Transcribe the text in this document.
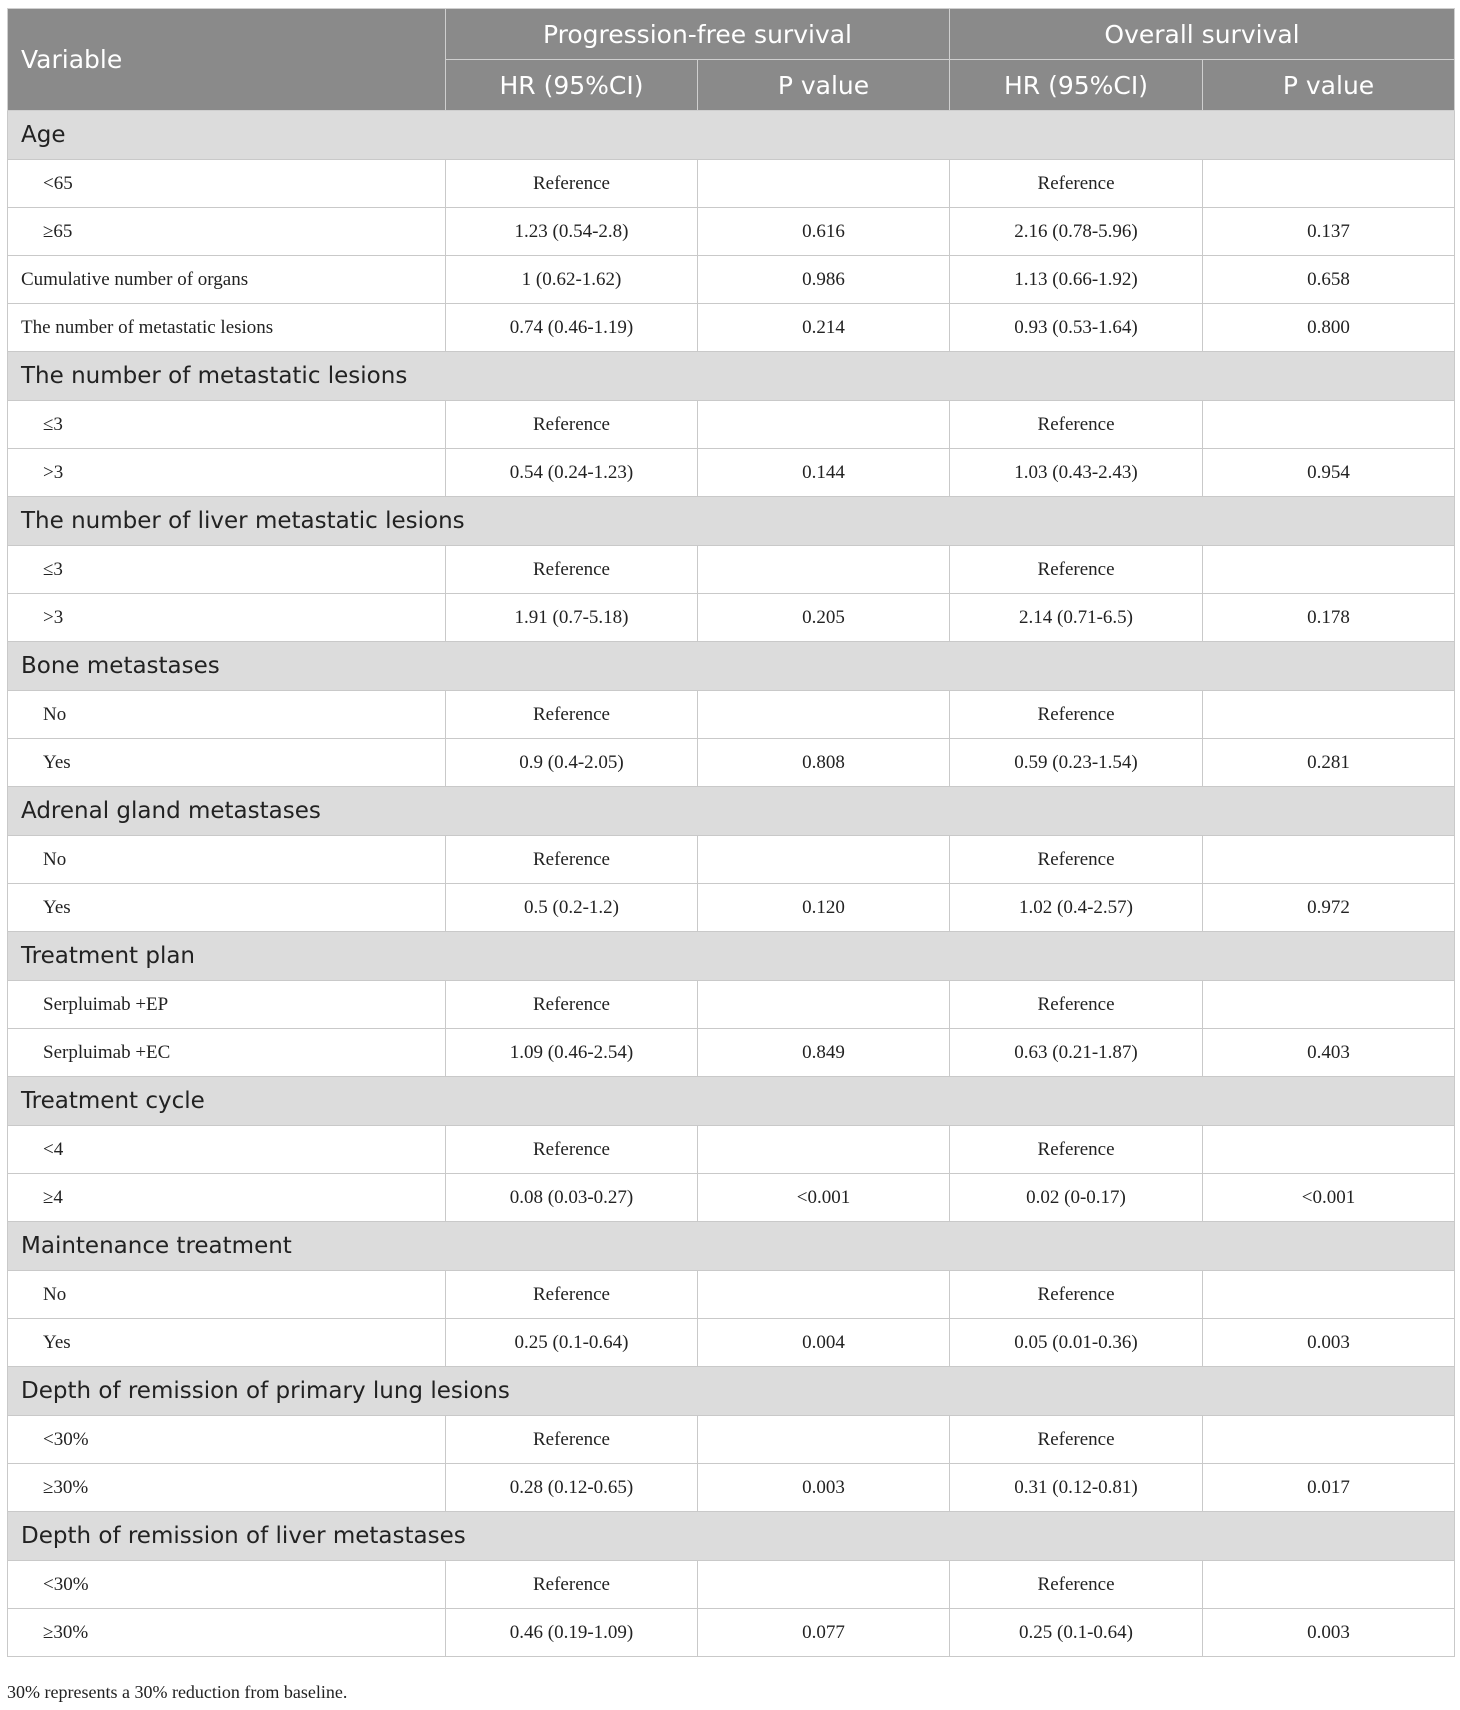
Variable	Progression-free survival		Overall survival	
	HR (95%CI)	P value	HR (95%CI)	P value
Age				
<65	Reference		Reference	
≥65	1.23 (0.54-2.8)	0.616	2.16 (0.78-5.96)	0.137
Cumulative number of organs	1 (0.62-1.62)	0.986	1.13 (0.66-1.92)	0.658
The number of metastatic lesions	0.74 (0.46-1.19)	0.214	0.93 (0.53-1.64)	0.800
The number of metastatic lesions				
≤3	Reference		Reference	
>3	0.54 (0.24-1.23)	0.144	1.03 (0.43-2.43)	0.954
The number of liver metastatic lesions				
≤3	Reference		Reference	
>3	1.91 (0.7-5.18)	0.205	2.14 (0.71-6.5)	0.178
Bone metastases				
No	Reference		Reference	
Yes	0.9 (0.4-2.05)	0.808	0.59 (0.23-1.54)	0.281
Adrenal gland metastases				
No	Reference		Reference	
Yes	0.5 (0.2-1.2)	0.120	1.02 (0.4-2.57)	0.972
Treatment plan				
Serpluimab +EP	Reference		Reference	
Serpluimab +EC	1.09 (0.46-2.54)	0.849	0.63 (0.21-1.87)	0.403
Treatment cycle				
<4	Reference		Reference	
≥4	0.08 (0.03-0.27)	<0.001	0.02 (0-0.17)	<0.001
Maintenance treatment				
No	Reference		Reference	
Yes	0.25 (0.1-0.64)	0.004	0.05 (0.01-0.36)	0.003
Depth of remission of primary lung lesions				
<30%	Reference		Reference	
≥30%	0.28 (0.12-0.65)	0.003	0.31 (0.12-0.81)	0.017
Depth of remission of liver metastases				
<30%	Reference		Reference	
≥30%	0.46 (0.19-1.09)	0.077	0.25 (0.1-0.64)	0.003
30% represents a 30% reduction from baseline.
